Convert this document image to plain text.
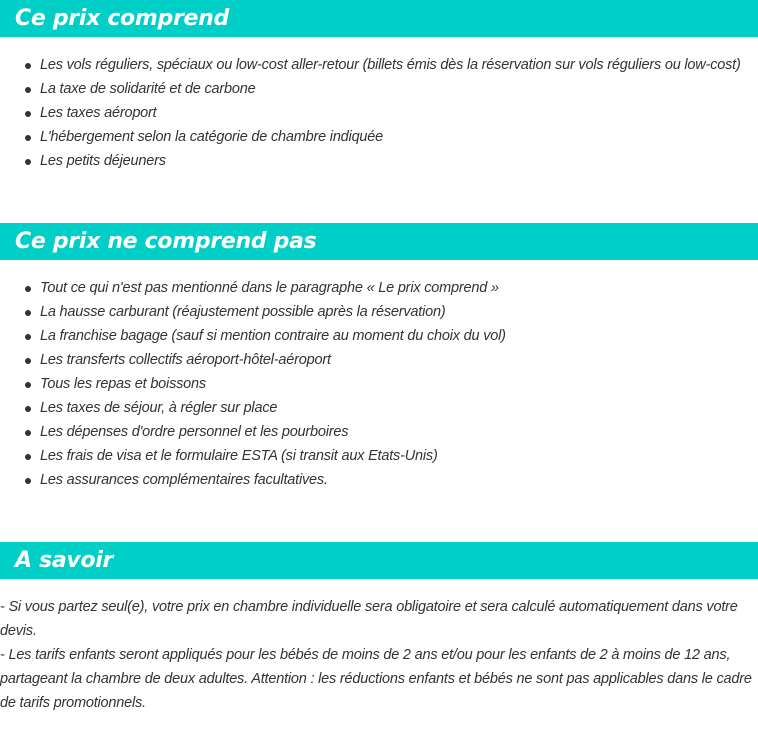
Ce prix comprend
Les vols réguliers, spéciaux ou low-cost aller-retour (billets émis dès la réservation sur vols réguliers ou low-cost)
La taxe de solidarité et de carbone
Les taxes aéroport
L'hébergement selon la catégorie de chambre indiquée
Les petits déjeuners
Ce prix ne comprend pas
Tout ce qui n'est pas mentionné dans le paragraphe « Le prix comprend »
La hausse carburant (réajustement possible après la réservation)
La franchise bagage (sauf si mention contraire au moment du choix du vol)
Les transferts collectifs aéroport-hôtel-aéroport
Tous les repas et boissons
Les taxes de séjour, à régler sur place
Les dépenses d'ordre personnel et les pourboires
Les frais de visa et le formulaire ESTA (si transit aux Etats-Unis)
Les assurances complémentaires facultatives.
A savoir

- Si vous partez seul(e), votre prix en chambre individuelle sera obligatoire et sera calculé automatiquement dans votre devis.

- Les tarifs enfants seront appliqués pour les bébés de moins de 2 ans et/ou pour les enfants de 2 à moins de 12 ans, partageant la chambre de deux adultes. Attention : les réductions enfants et bébés ne sont pas applicables dans le cadre de tarifs promotionnels.
